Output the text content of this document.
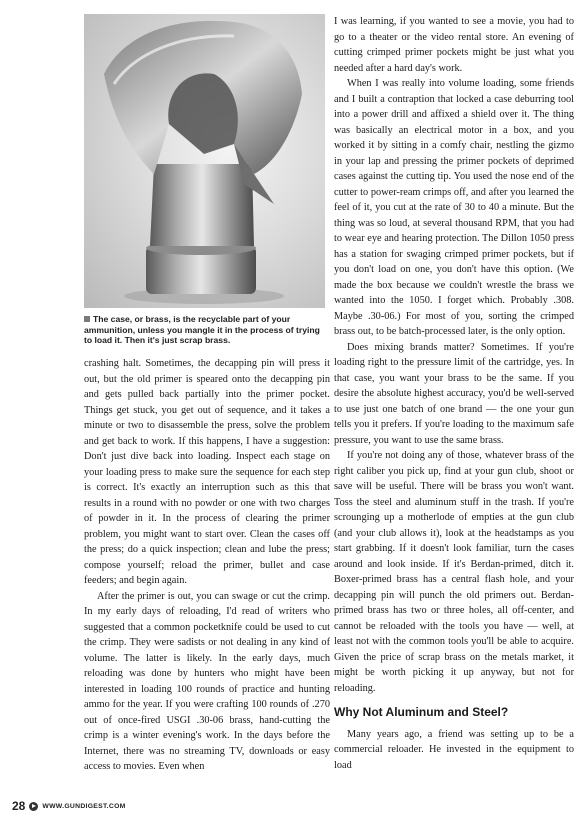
The case, or brass, is the recyclable part of your ammunition, unless you mangle it in the process of trying to load it. Then it's just scrap brass.

crashing halt. Sometimes, the decapping pin will press it out, but the old primer is speared onto the decapping pin and gets pulled back partially into the primer pocket. Things get stuck, you get out of sequence, and it takes a minute or two to disassemble the press, solve the problem and get back to work. If this happens, I have a suggestion: Don't just dive back into loading. Inspect each stage on your loading press to make sure the sequence for each step is correct. It's exactly an interruption such as this that results in a round with no powder or one with two charges of powder in it. In the process of clearing the primer problem, you might want to start over. Clean the cases off the press; do a quick inspection; clean and lube the press; compose yourself; reload the primer, bullet and case feeders; and begin again.

After the primer is out, you can swage or cut the crimp. In my early days of reloading, I'd read of writers who suggested that a common pocketknife could be used to cut the crimp. They were sadists or not dealing in any kind of volume. The latter is likely. In the early days, much reloading was done by hunters who might have been interested in loading 100 rounds of practice and hunting ammo for the year. If you were crafting 100 rounds of .270 out of once-fired USGI .30-06 brass, hand-cutting the crimp is a winter evening's work. In the days before the Internet, there was no streaming TV, downloads or easy access to movies. Even when

I was learning, if you wanted to see a movie, you had to go to a theater or the video rental store. An evening of cutting crimped primer pockets might be just what you needed after a hard day's work.

When I was really into volume loading, some friends and I built a contraption that locked a case deburring tool into a power drill and affixed a shield over it. The thing was basically an electrical motor in a box, and you worked it by sitting in a comfy chair, nestling the gizmo in your lap and pressing the primer pockets of deprimed cases against the cutting tip. You used the nose end of the cutter to power-ream crimps off, and after you learned the feel of it, you cut at the rate of 30 to 40 a minute. But the thing was so loud, at several thousand RPM, that you had to wear eye and hearing protection. The Dillon 1050 press has a station for swaging crimped primer pockets, but if you don't load on one, you don't have this option. (We made the box because we couldn't wrestle the brass we wanted into the 1050. I forget which. Probably .308. Maybe .30-06.) For most of you, sorting the crimped brass out, to be batch-processed later, is the only option.

Does mixing brands matter? Sometimes. If you're loading right to the pressure limit of the cartridge, yes. In that case, you want your brass to be the same. If you desire the absolute highest accuracy, you'd be well-served to use just one batch of one brand — the one your gun tells you it prefers. If you're loading to the maximum safe pressure, you want to use the same brass.

If you're not doing any of those, whatever brass of the right caliber you pick up, find at your gun club, shoot or save will be useful. There will be brass you won't want. Toss the steel and aluminum stuff in the trash. If you're scrounging up a motherlode of empties at the gun club (and your club allows it), look at the headstamps as you start grabbing. If it doesn't look familiar, turn the cases around and look inside. If it's Berdan-primed, ditch it. Boxer-primed brass has a central flash hole, and your decapping pin will punch the old primers out. Berdan-primed brass has two or three holes, all off-center, and cannot be reloaded with the tools you have — well, at least not with the common tools you'll be able to acquire. Given the price of scrap brass on the metals market, it might be worth picking it up anyway, but not for reloading.

Why Not Aluminum and Steel?

Many years ago, a friend was setting up to be a commercial reloader. He invested in the equipment to load

28	WWW.GUNDIGEST.COM
